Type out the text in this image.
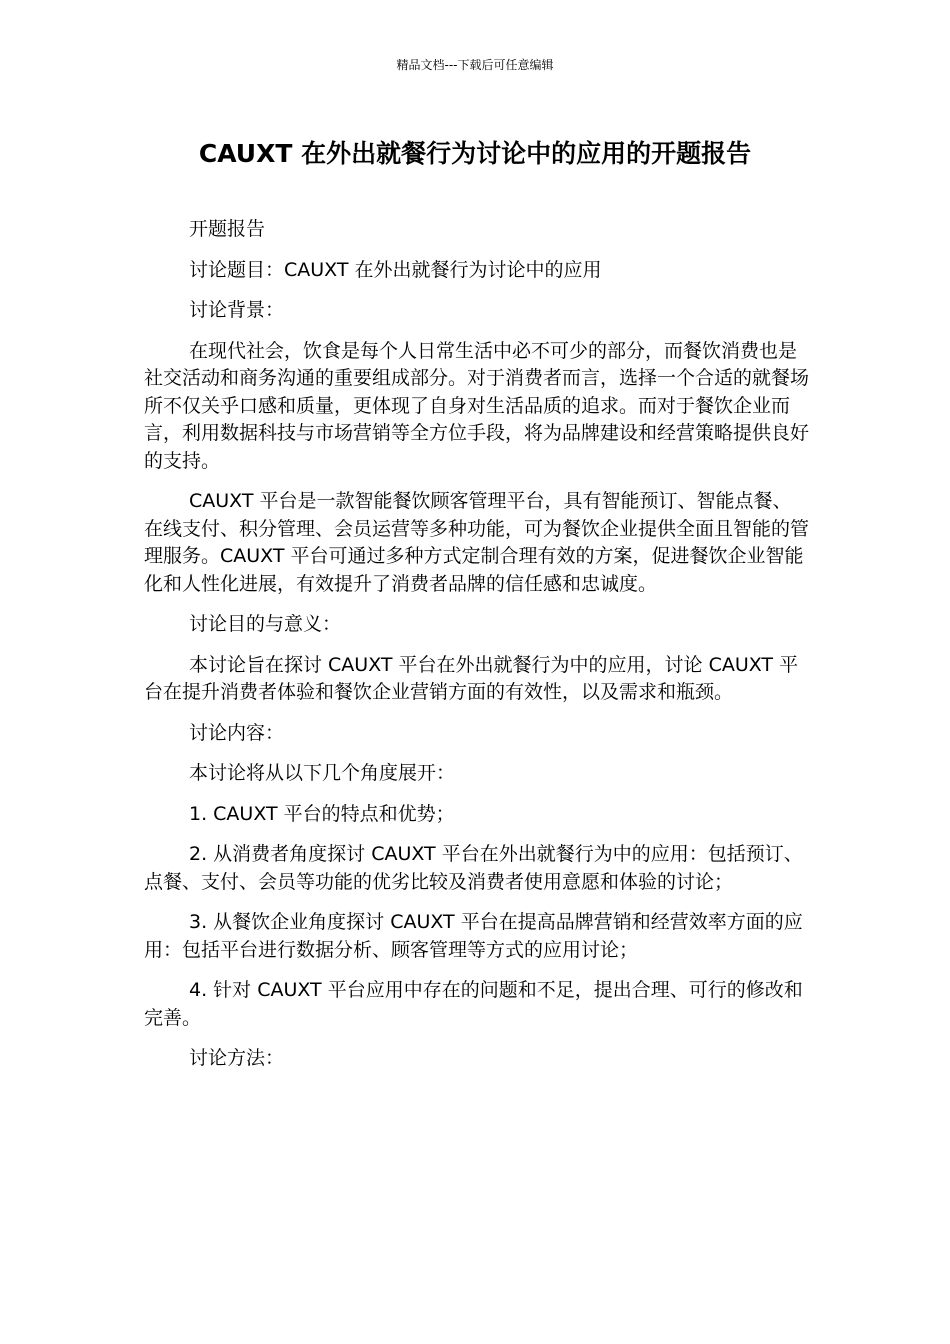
精品文档---下载后可任意编辑
CAUXT 在外出就餐行为讨论中的应用的开题报告

开题报告

讨论题目：CAUXT 在外出就餐行为讨论中的应用

讨论背景：

在现代社会，饮食是每个人日常生活中必不可少的部分，而餐饮消费也是社交活动和商务沟通的重要组成部分。对于消费者而言，选择一个合适的就餐场所不仅关乎口感和质量，更体现了自身对生活品质的追求。而对于餐饮企业而言，利用数据科技与市场营销等全方位手段，将为品牌建设和经营策略提供良好的支持。

CAUXT 平台是一款智能餐饮顾客管理平台，具有智能预订、智能点餐、在线支付、积分管理、会员运营等多种功能，可为餐饮企业提供全面且智能的管理服务。CAUXT 平台可通过多种方式定制合理有效的方案，促进餐饮企业智能化和人性化进展，有效提升了消费者品牌的信任感和忠诚度。

讨论目的与意义：

本讨论旨在探讨 CAUXT 平台在外出就餐行为中的应用，讨论 CAUXT 平台在提升消费者体验和餐饮企业营销方面的有效性，以及需求和瓶颈。

讨论内容：

本讨论将从以下几个角度展开：

1. CAUXT 平台的特点和优势；

2. 从消费者角度探讨 CAUXT 平台在外出就餐行为中的应用：包括预订、点餐、支付、会员等功能的优劣比较及消费者使用意愿和体验的讨论；

3. 从餐饮企业角度探讨 CAUXT 平台在提高品牌营销和经营效率方面的应用：包括平台进行数据分析、顾客管理等方式的应用讨论；

4. 针对 CAUXT 平台应用中存在的问题和不足，提出合理、可行的修改和完善。

讨论方法：
